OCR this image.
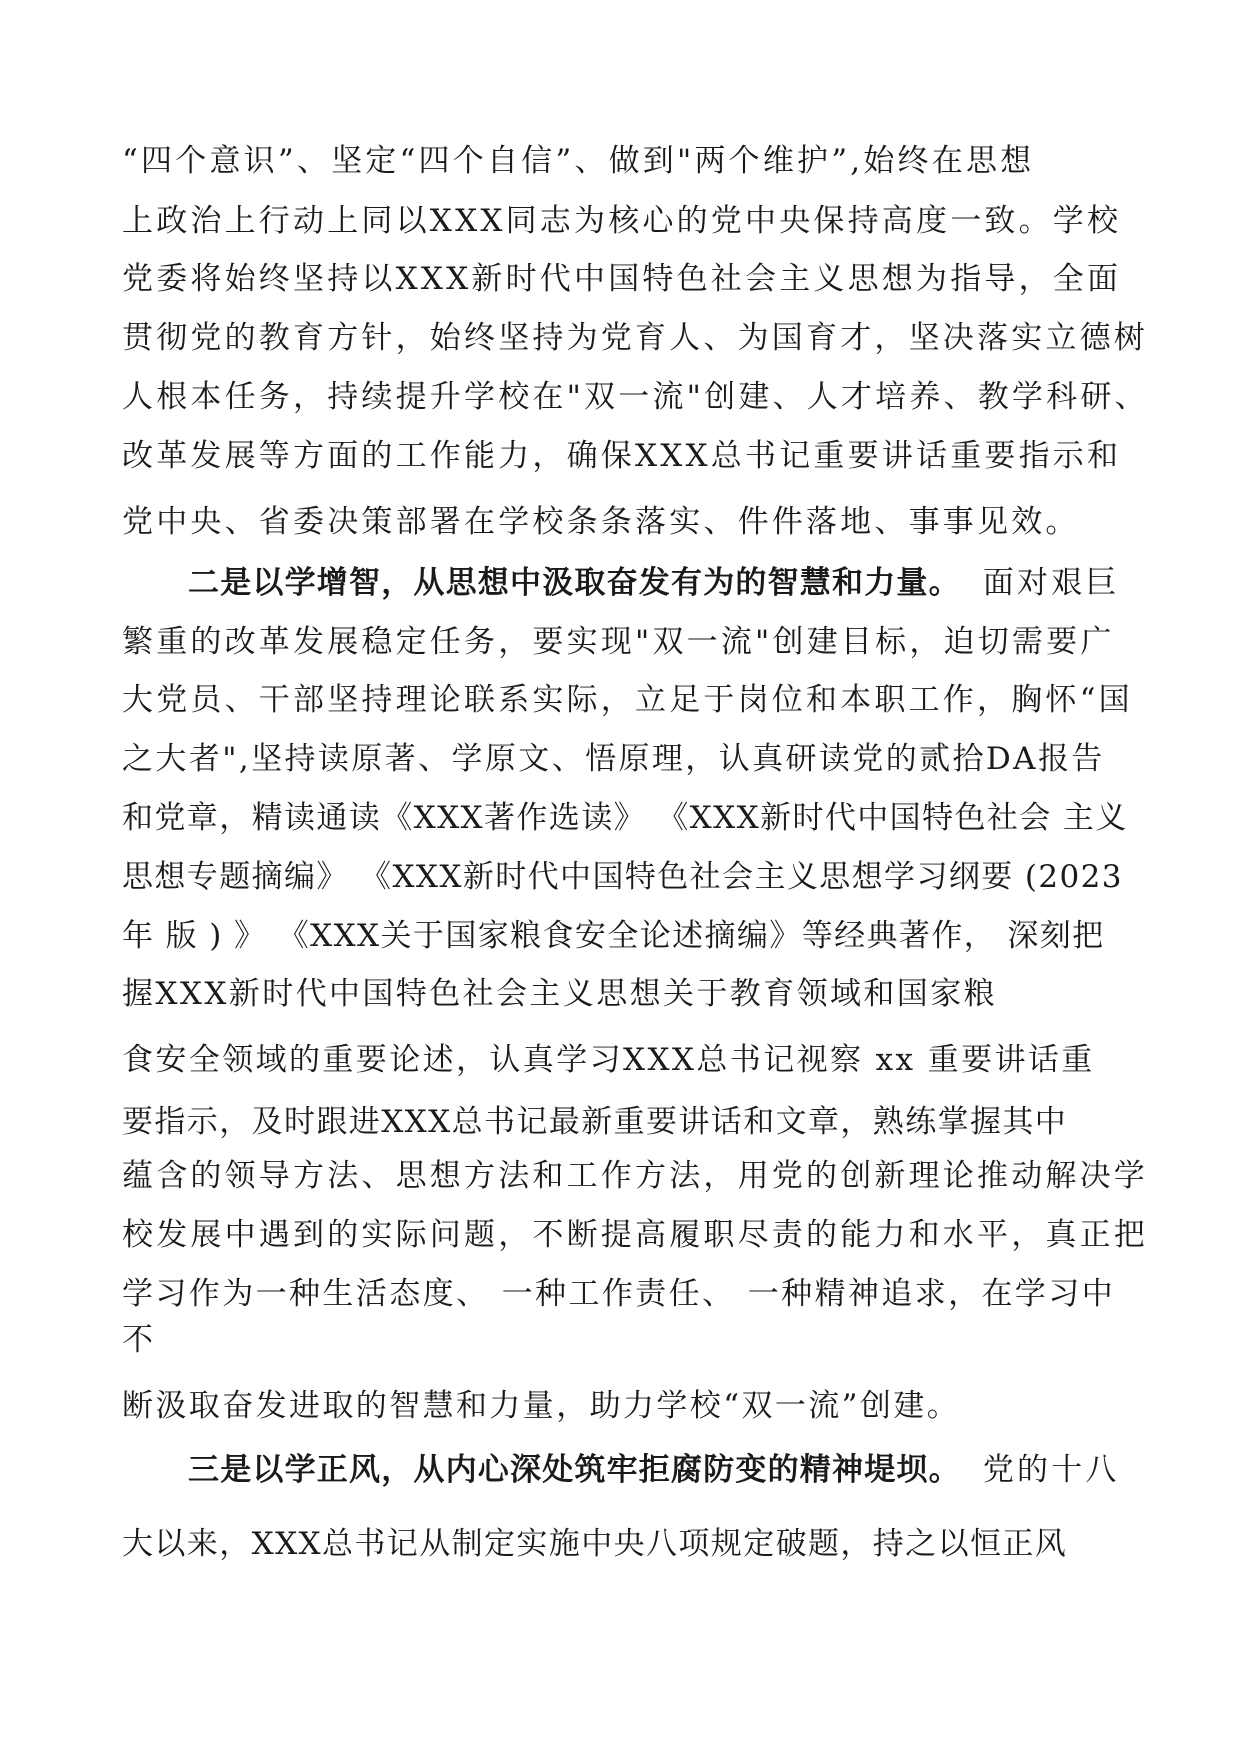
“四个意识”、坚定“四个自信”、做到"两个维护”,始终在思想
上政治上行动上同以XXX同志为核心的党中央保持高度一致。学校
党委将始终坚持以XXX新时代中国特色社会主义思想为指导，全面
贯彻党的教育方针，始终坚持为党育人、为国育才，坚决落实立德树
人根本任务，持续提升学校在"双一流"创建、人才培养、教学科研、
改革发展等方面的工作能力，确保XXX总书记重要讲话重要指示和
党中央、省委决策部署在学校条条落实、件件落地、事事见效。
二是以学增智，从思想中汲取奋发有为的智慧和力量。 面对艰巨
繁重的改革发展稳定任务，要实现"双一流"创建目标，迫切需要广
大党员、干部坚持理论联系实际，立足于岗位和本职工作，胸怀“国
之大者",坚持读原著、学原文、悟原理，认真研读党的贰拾DA报告
和党章，精读通读《XXX著作选读》 《XXX新时代中国特色社会 主义
思想专题摘编》 《XXX新时代中国特色社会主义思想学习纲要 (2023
年 版 ) 》 《XXX关于国家粮食安全论述摘编》等经典著作， 深刻把
握XXX新时代中国特色社会主义思想关于教育领域和国家粮
食安全领域的重要论述，认真学习XXX总书记视察 xx 重要讲话重
要指示，及时跟进XXX总书记最新重要讲话和文章，熟练掌握其中
蕴含的领导方法、思想方法和工作方法，用党的创新理论推动解决学
校发展中遇到的实际问题，不断提高履职尽责的能力和水平，真正把
学习作为一种生活态度、 一种工作责任、 一种精神追求，在学习中
不
断汲取奋发进取的智慧和力量，助力学校“双一流”创建。
三是以学正风，从内心深处筑牢拒腐防变的精神堤坝。 党的十八
大以来，XXX总书记从制定实施中央八项规定破题，持之以恒正风
